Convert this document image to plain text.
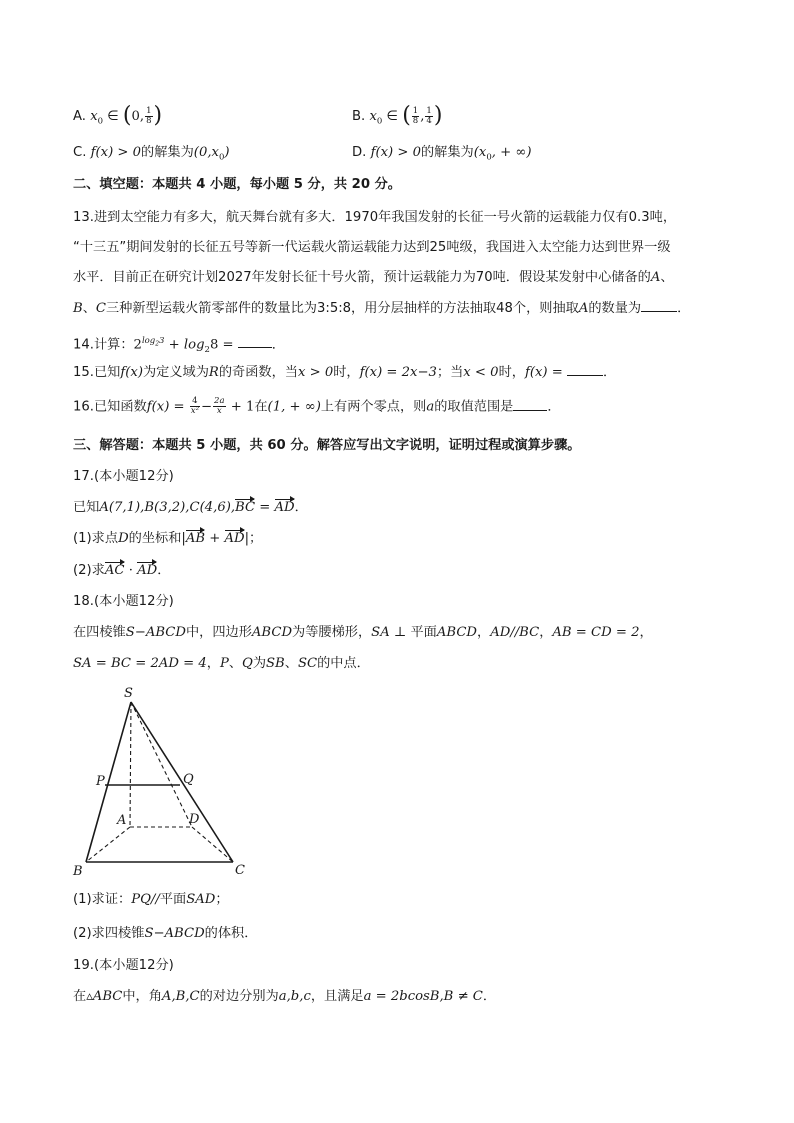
A. $x_0$ ∈ (0, $\frac{1}{8}$ )	B. $x_0$ ∈ ( $\frac{1}{8}$ , $\frac{1}{4}$ )
C. f(x) > 0的解集为$(0,x_0)$	D. f(x) > 0的解集为($x_0$, + ∞)
二、填空题：本题共 4 小题，每小题 5 分，共 20 分。
13.进到太空能力有多大，航天舞台就有多大．1970年我国发射的长征一号火箭的运载能力仅有0.3吨，
“十三五”期间发射的长征五号等新一代运载火箭运载能力达到25吨级，我国进入太空能力达到世界一级
水平．目前正在研究计划2027年发射长征十号火箭，预计运载能力为70吨．假设某发射中心储备的A、
B、C三种新型运载火箭零部件的数量比为3:5:8，用分层抽样的方法抽取48个，则抽取A的数量为	．
14.计算：$2^{log_23} + \log_28$ =	．
15.已知f(x)为定义域为R的奇函数，当x > 0时，f(x) = 2x−3；当x < 0时，f(x) =	．
16.已知函数$f(x) = \frac{4}{\text{x²}} - \frac{2a}{x} + 1$在(1, + ∞)上有两个零点，则a的取值范围是	．
三、解答题：本题共 5 小题，共 60 分。解答应写出文字说明，证明过程或演算步骤。
17.(本小题12分)
已知A(7,1),B(3,2),C(4,6),BC = AD．
(1)求点D的坐标和|AB + AD|；
(2)求AC · AD．
18.(本小题12分)
在四棱锥S−ABCD中，四边形ABCD为等腰梯形，SA ⊥ 平面ABCD，AD//BC，AB = CD = 2，
SA = BC = 2AD = 4，P、Q为SB、SC的中点．
S
P	Q
A	D
B	C
(1)求证：PQ//平面SAD；
(2)求四棱锥S−ABCD的体积．
19.(本小题12分)
在▵ABC中，角A,B,C的对边分别为a,b,c，且满足a = 2bcosB,B ≠ C．
